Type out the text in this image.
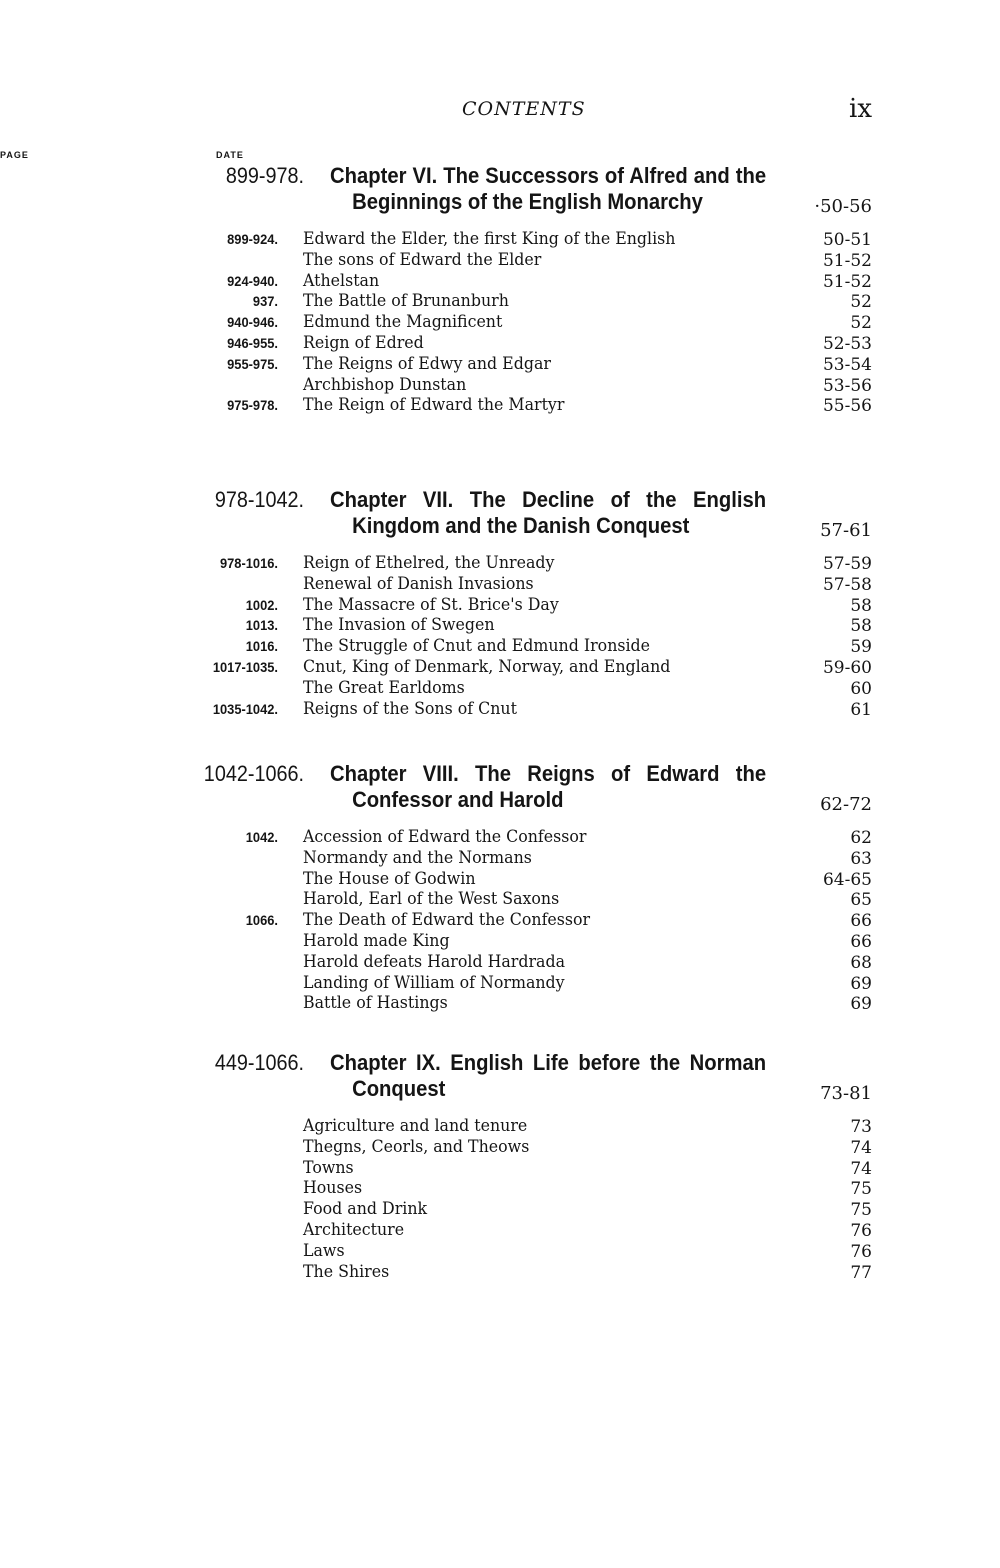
CONTENTS	ix
DATE
PAGE
899-978. Chapter VI. The Successors of Alfred and the Beginnings of the English Monarchy	·50-56
899-924. Edward the Elder, the first King of the English	50-51
The sons of Edward the Elder	51-52
924-940. Athelstan	51-52
937. The Battle of Brunanburh	52
940-946. Edmund the Magnificent	52
946-955. Reign of Edred	52-53
955-975. The Reigns of Edwy and Edgar	53-54
Archbishop Dunstan	53-56
975-978. The Reign of Edward the Martyr	55-56
978-1042. Chapter VII. The Decline of the English Kingdom and the Danish Conquest	57-61
978-1016. Reign of Ethelred, the Unready	57-59
Renewal of Danish Invasions	57-58
1002. The Massacre of St. Brice's Day	58
1013. The Invasion of Swegen	58
1016. The Struggle of Cnut and Edmund Ironside	59
1017-1035. Cnut, King of Denmark, Norway, and England	59-60
The Great Earldoms	60
1035-1042. Reigns of the Sons of Cnut	61
1042-1066. Chapter VIII. The Reigns of Edward the Confessor and Harold	62-72
1042. Accession of Edward the Confessor	62
Normandy and the Normans	63
The House of Godwin	64-65
Harold, Earl of the West Saxons	65
1066. The Death of Edward the Confessor	66
Harold made King	66
Harold defeats Harold Hardrada	68
Landing of William of Normandy	69
Battle of Hastings	69
449-1066. Chapter IX. English Life before the Norman Conquest	73-81
Agriculture and land tenure	73
Thegns, Ceorls, and Theows	74
Towns	74
Houses	75
Food and Drink	75
Architecture	76
Laws	76
The Shires	77
